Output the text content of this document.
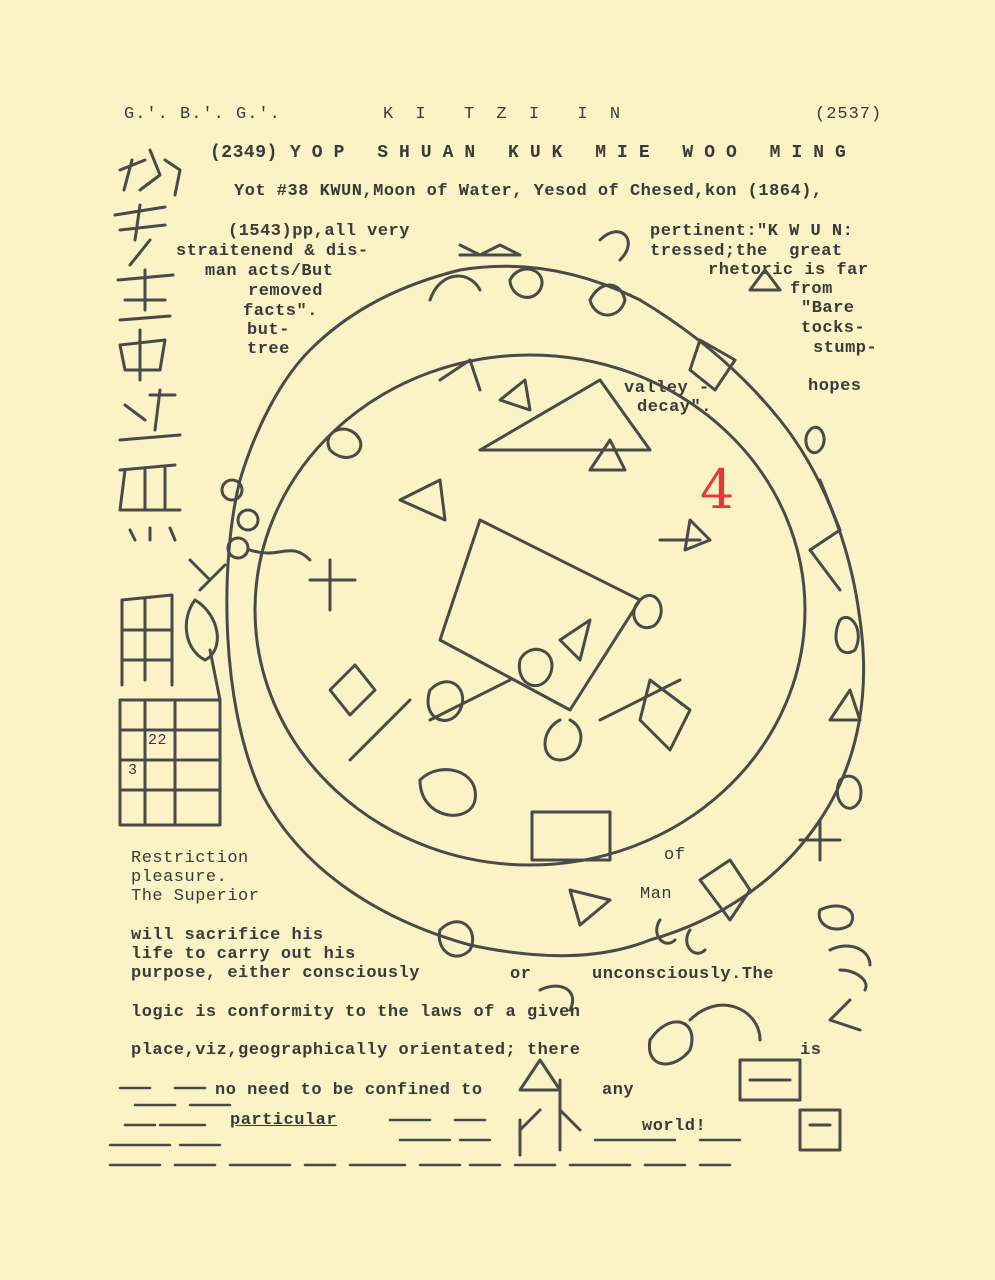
G.'. B.'. G.'.	K I  T Z I  I N	(2537)
(2349) YOP SHUAN KUK MIE WOO MING
Yot #38 KWUN,Moon of Water, Yesod of Chesed,kon (1864),
(1543)pp,all very
straitenend & dis-
man acts/But
removed
facts".
but-
tree
pertinent:"K W U N:
tressed;the  great
rhetoric is far
from
"Bare
tocks-
stump-
hopes
valley -
decay".
4
22
3
Restriction
pleasure.
The Superior
of
Man
will sacrifice his
life to carry out his
purpose, either consciously	or	unconsciously.The
logic is conformity to the laws of a given
place,viz,geographically orientated; there	is
no need to be confined to	any
particular	world!
